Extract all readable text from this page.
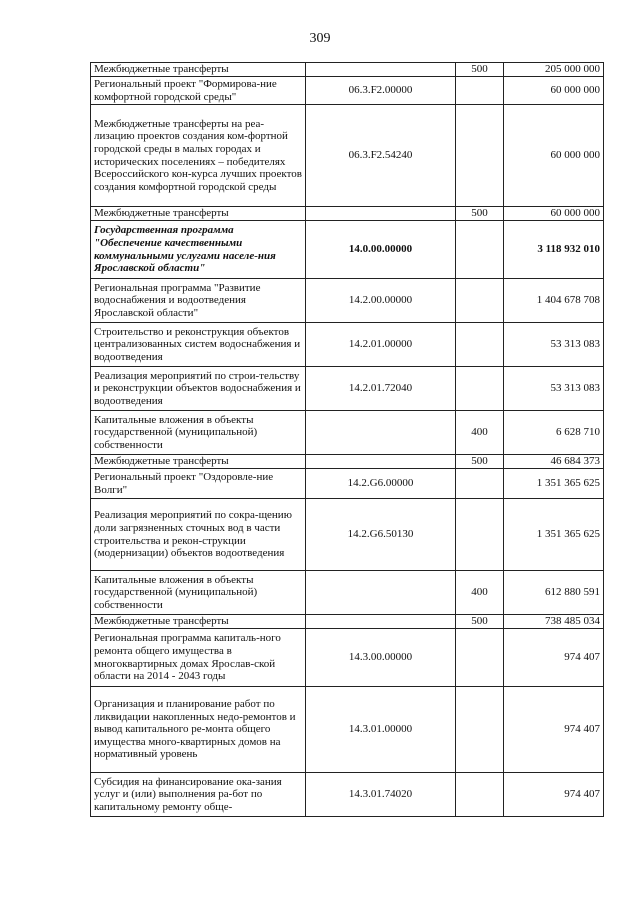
309
Межбюджетные трансферты		500	205 000 000
Региональный проект "Формирова-ние комфортной городской среды"	06.3.F2.00000		60 000 000
Межбюджетные трансферты на реа-лизацию проектов создания ком-фортной городской среды в малых городах и исторических поселениях – победителях Всероссийского кон-курса лучших проектов создания комфортной городской среды	06.3.F2.54240		60 000 000
Межбюджетные трансферты		500	60 000 000
Государственная программа "Обеспечение качественными коммунальными услугами населе-ния Ярославской области"	14.0.00.00000		3 118 932 010
Региональная программа "Развитие водоснабжения и водоотведения Ярославской области"	14.2.00.00000		1 404 678 708
Строительство и реконструкция объектов централизованных систем водоснабжения и водоотведения	14.2.01.00000		53 313 083
Реализация мероприятий по строи-тельству и реконструкции объектов водоснабжения и водоотведения	14.2.01.72040		53 313 083
Капитальные вложения в объекты государственной (муниципальной) собственности		400	6 628 710
Межбюджетные трансферты		500	46 684 373
Региональный проект "Оздоровле-ние Волги"	14.2.G6.00000		1 351 365 625
Реализация мероприятий по сокра-щению доли загрязненных сточных вод в части строительства и рекон-струкции (модернизации) объектов водоотведения	14.2.G6.50130		1 351 365 625
Капитальные вложения в объекты государственной (муниципальной) собственности		400	612 880 591
Межбюджетные трансферты		500	738 485 034
Региональная программа капиталь-ного ремонта общего имущества в многоквартирных домах Ярослав-ской области на 2014 - 2043 годы	14.3.00.00000		974 407
Организация и планирование работ по ликвидации накопленных недо-ремонтов и вывод капитального ре-монта общего имущества много-квартирных домов на нормативный уровень	14.3.01.00000		974 407
Субсидия на финансирование ока-зания услуг и (или) выполнения ра-бот по капитальному ремонту обще-	14.3.01.74020		974 407
